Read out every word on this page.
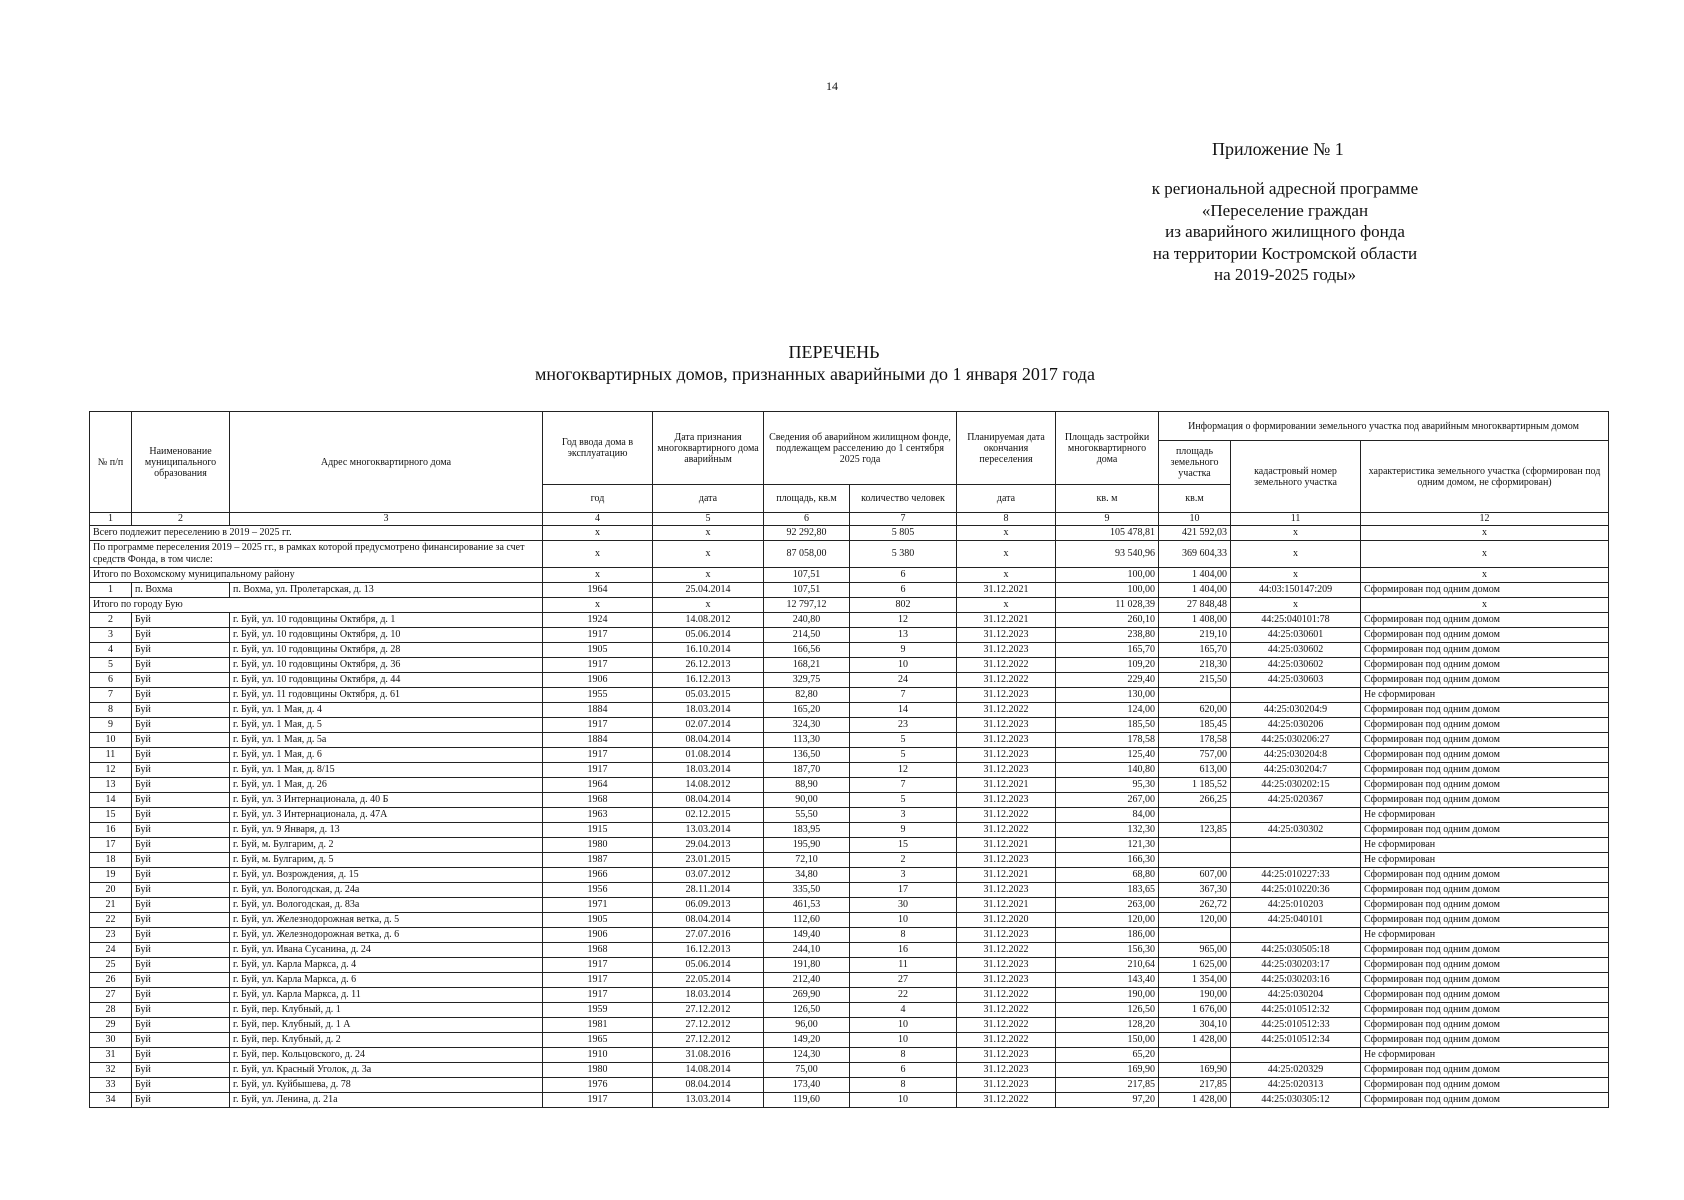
14
Приложение № 1
к региональной адресной программе
«Переселение граждан
из аварийного жилищного фонда
на территории Костромской области
на 2019-2025 годы»
ПЕРЕЧЕНЬ
многоквартирных домов, признанных аварийными до 1 января 2017 года
№ п/п	Наименование муниципального образования	Адрес многоквартирного дома	Год ввода дома в эксплуатацию	Дата признания многоквартирного дома аварийным	Сведения об аварийном жилищном фонде, подлежащем расселению до 1 сентября 2025 года		Планируемая дата окончания переселения	Площадь застройки многоквартирного дома	Информация о формировании земельного участка под аварийным многоквартирным домом		
									площадь земельного участка	кадастровый номер земельного участка	характеристика земельного участка (сформирован под одним домом, не сформирован)
			год	дата	площадь, кв.м	количество человек	дата	кв. м	кв.м		
1	2	3	4	5	6	7	8	9	10	11	12
Всего подлежит переселению в 2019 – 2025 гг.			х	х	92 292,80	5 805	х	105 478,81	421 592,03	х	х
По программе переселения 2019 – 2025 гг., в рамках которой предусмотрено финансирование за счет средств Фонда, в том числе:			х	х	87 058,00	5 380	х	93 540,96	369 604,33	х	х
Итого по Вохомскому муниципальному району			х	х	107,51	6	х	100,00	1 404,00	х	х
1	п. Вохма	п. Вохма, ул. Пролетарская, д. 13	1964	25.04.2014	107,51	6	31.12.2021	100,00	1 404,00	44:03:150147:209	Сформирован под одним домом
Итого по городу Бую			х	х	12 797,12	802	х	11 028,39	27 848,48	х	х
2	Буй	г. Буй, ул. 10 годовщины Октября, д. 1	1924	14.08.2012	240,80	12	31.12.2021	260,10	1 408,00	44:25:040101:78	Сформирован под одним домом
3	Буй	г. Буй, ул. 10 годовщины Октября, д. 10	1917	05.06.2014	214,50	13	31.12.2023	238,80	219,10	44:25:030601	Сформирован под одним домом
4	Буй	г. Буй, ул. 10 годовщины Октября, д. 28	1905	16.10.2014	166,56	9	31.12.2023	165,70	165,70	44:25:030602	Сформирован под одним домом
5	Буй	г. Буй, ул. 10 годовщины Октября, д. 36	1917	26.12.2013	168,21	10	31.12.2022	109,20	218,30	44:25:030602	Сформирован под одним домом
6	Буй	г. Буй, ул. 10 годовщины Октября, д. 44	1906	16.12.2013	329,75	24	31.12.2022	229,40	215,50	44:25:030603	Сформирован под одним домом
7	Буй	г. Буй, ул. 11 годовщины Октября, д. 61	1955	05.03.2015	82,80	7	31.12.2023	130,00			Не сформирован
8	Буй	г. Буй, ул. 1 Мая, д. 4	1884	18.03.2014	165,20	14	31.12.2022	124,00	620,00	44:25:030204:9	Сформирован под одним домом
9	Буй	г. Буй, ул. 1 Мая, д. 5	1917	02.07.2014	324,30	23	31.12.2023	185,50	185,45	44:25:030206	Сформирован под одним домом
10	Буй	г. Буй, ул. 1 Мая, д. 5а	1884	08.04.2014	113,30	5	31.12.2023	178,58	178,58	44:25:030206:27	Сформирован под одним домом
11	Буй	г. Буй, ул. 1 Мая, д. 6	1917	01.08.2014	136,50	5	31.12.2023	125,40	757,00	44:25:030204:8	Сформирован под одним домом
12	Буй	г. Буй, ул. 1 Мая, д. 8/15	1917	18.03.2014	187,70	12	31.12.2023	140,80	613,00	44:25:030204:7	Сформирован под одним домом
13	Буй	г. Буй, ул. 1 Мая, д. 26	1964	14.08.2012	88,90	7	31.12.2021	95,30	1 185,52	44:25:030202:15	Сформирован под одним домом
14	Буй	г. Буй, ул. 3 Интернационала, д. 40 Б	1968	08.04.2014	90,00	5	31.12.2023	267,00	266,25	44:25:020367	Сформирован под одним домом
15	Буй	г. Буй, ул. 3 Интернационала, д. 47А	1963	02.12.2015	55,50	3	31.12.2022	84,00			Не сформирован
16	Буй	г. Буй, ул. 9 Января, д. 13	1915	13.03.2014	183,95	9	31.12.2022	132,30	123,85	44:25:030302	Сформирован под одним домом
17	Буй	г. Буй, м. Булгарим, д. 2	1980	29.04.2013	195,90	15	31.12.2021	121,30			Не сформирован
18	Буй	г. Буй, м. Булгарим, д. 5	1987	23.01.2015	72,10	2	31.12.2023	166,30			Не сформирован
19	Буй	г. Буй, ул. Возрождения, д. 15	1966	03.07.2012	34,80	3	31.12.2021	68,80	607,00	44:25:010227:33	Сформирован под одним домом
20	Буй	г. Буй, ул. Вологодская, д. 24а	1956	28.11.2014	335,50	17	31.12.2023	183,65	367,30	44:25:010220:36	Сформирован под одним домом
21	Буй	г. Буй, ул. Вологодская, д. 83а	1971	06.09.2013	461,53	30	31.12.2021	263,00	262,72	44:25:010203	Сформирован под одним домом
22	Буй	г. Буй, ул. Железнодорожная ветка, д. 5	1905	08.04.2014	112,60	10	31.12.2020	120,00	120,00	44:25:040101	Сформирован под одним домом
23	Буй	г. Буй, ул. Железнодорожная ветка, д. 6	1906	27.07.2016	149,40	8	31.12.2023	186,00			Не сформирован
24	Буй	г. Буй, ул. Ивана Сусанина, д. 24	1968	16.12.2013	244,10	16	31.12.2022	156,30	965,00	44:25:030505:18	Сформирован под одним домом
25	Буй	г. Буй, ул. Карла Маркса, д. 4	1917	05.06.2014	191,80	11	31.12.2023	210,64	1 625,00	44:25:030203:17	Сформирован под одним домом
26	Буй	г. Буй, ул. Карла Маркса, д. 6	1917	22.05.2014	212,40	27	31.12.2023	143,40	1 354,00	44:25:030203:16	Сформирован под одним домом
27	Буй	г. Буй, ул. Карла Маркса, д. 11	1917	18.03.2014	269,90	22	31.12.2022	190,00	190,00	44:25:030204	Сформирован под одним домом
28	Буй	г. Буй, пер. Клубный, д. 1	1959	27.12.2012	126,50	4	31.12.2022	126,50	1 676,00	44:25:010512:32	Сформирован под одним домом
29	Буй	г. Буй, пер. Клубный, д. 1 А	1981	27.12.2012	96,00	10	31.12.2022	128,20	304,10	44:25:010512:33	Сформирован под одним домом
30	Буй	г. Буй, пер. Клубный, д. 2	1965	27.12.2012	149,20	10	31.12.2022	150,00	1 428,00	44:25:010512:34	Сформирован под одним домом
31	Буй	г. Буй, пер. Кольцовского, д. 24	1910	31.08.2016	124,30	8	31.12.2023	65,20			Не сформирован
32	Буй	г. Буй, ул. Красный Уголок, д. 3а	1980	14.08.2014	75,00	6	31.12.2023	169,90	169,90	44:25:020329	Сформирован под одним домом
33	Буй	г. Буй, ул. Куйбышева, д. 78	1976	08.04.2014	173,40	8	31.12.2023	217,85	217,85	44:25:020313	Сформирован под одним домом
34	Буй	г. Буй, ул. Ленина, д. 21а	1917	13.03.2014	119,60	10	31.12.2022	97,20	1 428,00	44:25:030305:12	Сформирован под одним домом
